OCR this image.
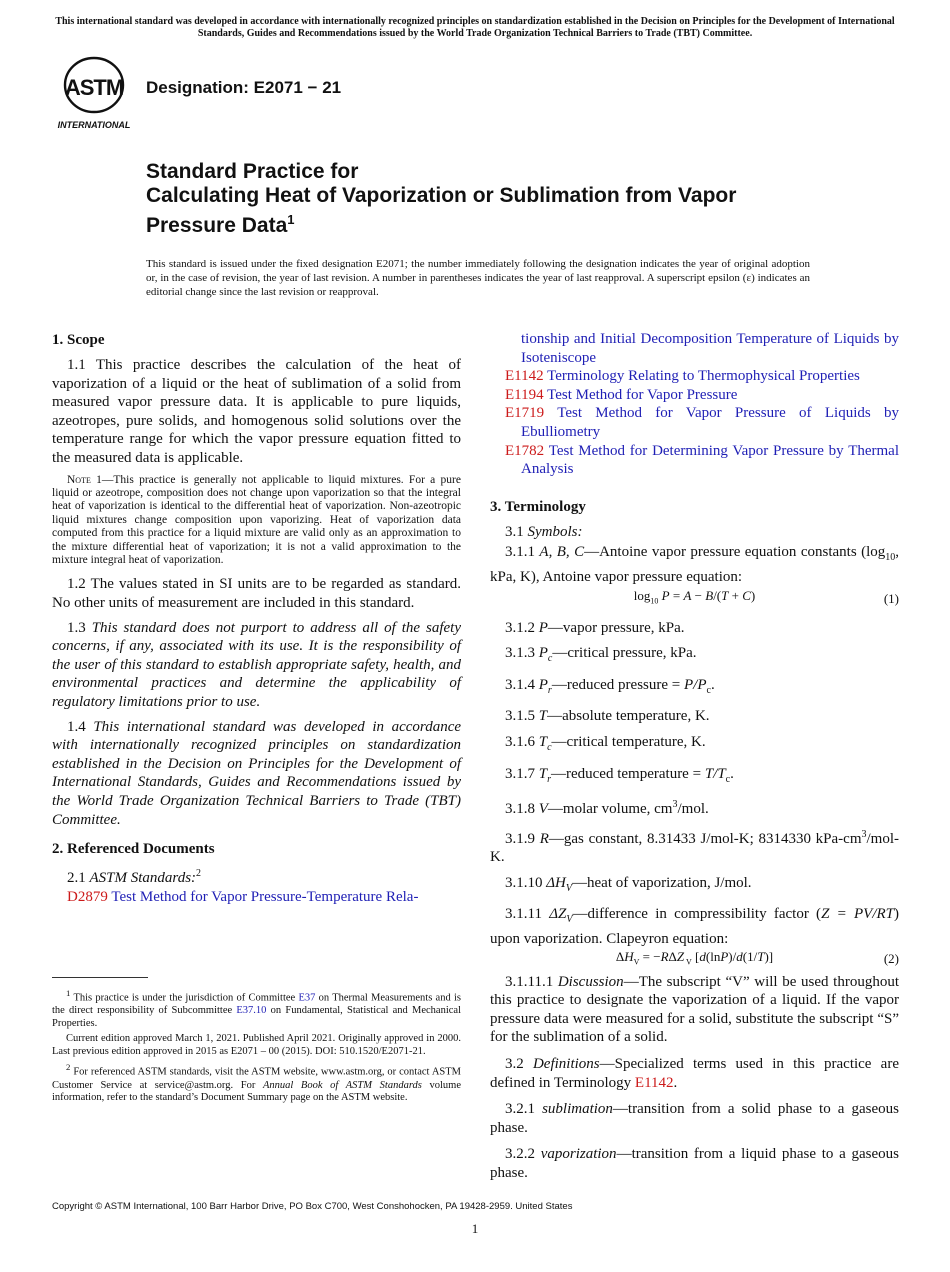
This international standard was developed in accordance with internationally recognized principles on standardization established in the Decision on Principles for the Development of International Standards, Guides and Recommendations issued by the World Trade Organization Technical Barriers to Trade (TBT) Committee.
ASTM
INTERNATIONAL
Designation: E2071 − 21
Standard Practice for
Calculating Heat of Vaporization or Sublimation from Vapor Pressure Data$^1$
This standard is issued under the fixed designation E2071; the number immediately following the designation indicates the year of original adoption or, in the case of revision, the year of last revision. A number in parentheses indicates the year of last reapproval. A superscript epsilon (ε) indicates an editorial change since the last revision or reapproval.
1. Scope

1.1 This practice describes the calculation of the heat of vaporization of a liquid or the heat of sublimation of a solid from measured vapor pressure data. It is applicable to pure liquids, azeotropes, pure solids, and homogenous solid solutions over the temperature range for which the vapor pressure equation fitted to the measured data is applicable.

Note 1—This practice is generally not applicable to liquid mixtures. For a pure liquid or azeotrope, composition does not change upon vaporization so that the integral heat of vaporization is identical to the differential heat of vaporization. Non-azeotropic liquid mixtures change composition upon vaporizing. Heat of vaporization data computed from this practice for a liquid mixture are valid only as an approximation to the mixture differential heat of vaporization; it is not a valid approximation to the mixture integral heat of vaporization.

1.2 The values stated in SI units are to be regarded as standard. No other units of measurement are included in this standard.

1.3 This standard does not purport to address all of the safety concerns, if any, associated with its use. It is the responsibility of the user of this standard to establish appropriate safety, health, and environmental practices and determine the applicability of regulatory limitations prior to use.

1.4 This international standard was developed in accordance with internationally recognized principles on standardization established in the Decision on Principles for the Development of International Standards, Guides and Recommendations issued by the World Trade Organization Technical Barriers to Trade (TBT) Committee.

2. Referenced Documents

2.1 ASTM Standards:$^2$

D2879 Test Method for Vapor Pressure-Temperature Rela-

$^1$ This practice is under the jurisdiction of Committee E37 on Thermal Measurements and is the direct responsibility of Subcommittee E37.10 on Fundamental, Statistical and Mechanical Properties.

Current edition approved March 1, 2021. Published April 2021. Originally approved in 2000. Last previous edition approved in 2015 as E2071 – 00 (2015). DOI: 510.1520/E2071-21.

$^2$ For referenced ASTM standards, visit the ASTM website, www.astm.org, or contact ASTM Customer Service at service@astm.org. For Annual Book of ASTM Standards volume information, refer to the standard’s Document Summary page on the ASTM website.

tionship and Initial Decomposition Temperature of Liquids by Isoteniscope

E1142 Terminology Relating to Thermophysical Properties

E1194 Test Method for Vapor Pressure

E1719 Test Method for Vapor Pressure of Liquids by Ebulliometry

E1782 Test Method for Determining Vapor Pressure by Thermal Analysis

3. Terminology

3.1 Symbols:

3.1.1 A, B, C—Antoine vapor pressure equation constants ($\log_{10}$, kPa, K), Antoine vapor pressure equation:

$\log_{10} P = A - B/(T + C)$	(1)

3.1.2 P—vapor pressure, kPa.

3.1.3 $P_c—critical$ pressure, kPa.

3.1.4 $P_r—reduced$ pressure = $P/P_c$.

3.1.5 T—absolute temperature, K.

3.1.6 $T_c—critical$ temperature, K.

3.1.7 $T_r—reduced$ temperature = $T/T_c$.

3.1.8 V—molar volume, $cm^3$/mol.

3.1.9 R—gas constant, 8.31433 J/mol-K; 8314330 kPa-$cm^3/mol-K$.

3.1.10 $\Delta H_V—heat$ of vaporization, J/mol.

3.1.11 $\Delta Z_V—difference$ in compressibility factor (Z = PV/RT) upon vaporization. Clapeyron equation:

$\Delta H_V = -R\Delta Z$ $_V$ [d(lnP)/d(1/T)]	(2)

3.1.11.1 Discussion—The subscript “V” will be used throughout this practice to designate the vaporization of a liquid. If the vapor pressure data were measured for a solid, substitute the subscript “S” for the sublimation of a solid.

3.2 Definitions—Specialized terms used in this practice are defined in Terminology E1142.

3.2.1 sublimation—transition from a solid phase to a gaseous phase.

3.2.2 vaporization—transition from a liquid phase to a gaseous phase.

Copyright © ASTM International, 100 Barr Harbor Drive, PO Box C700, West Conshohocken, PA 19428-2959. United States
1
